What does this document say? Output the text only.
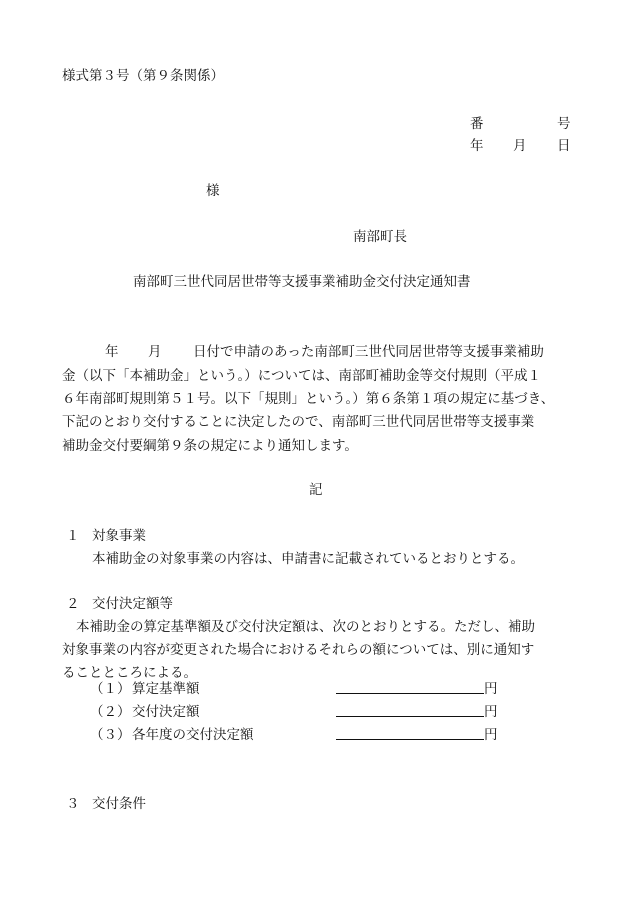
様式第３号（第９条関係）
番	号
年 月 日
様
南部町長
南部町三世代同居世帯等支援事業補助金交付決定通知書
年 月 日付で申請のあった南部町三世代同居世帯等支援事業補助
金（以下「本補助金」という。）については、南部町補助金等交付規則（平成１
６年南部町規則第５１号。以下「規則」という。）第６条第１項の規定に基づき、
下記のとおり交付することに決定したので、南部町三世代同居世帯等支援事業
補助金交付要綱第９条の規定により通知します。
記
１ 対象事業
本補助金の対象事業の内容は、申請書に記載されているとおりとする。
２ 交付決定額等
本補助金の算定基準額及び交付決定額は、次のとおりとする。ただし、補助
対象事業の内容が変更された場合におけるそれらの額については、別に通知す
ることところによる。
（１） 算定基準額	円
（２） 交付決定額	円
（３） 各年度の交付決定額	円
３ 交付条件
